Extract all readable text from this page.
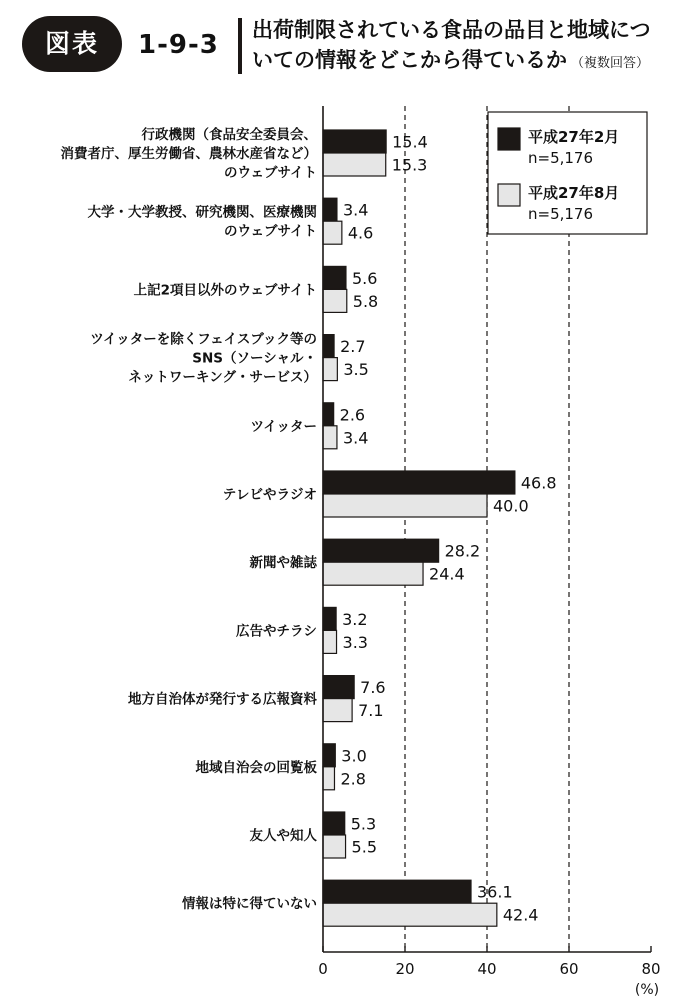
図表	1-9-3 出荷制限されている食品の品目と地域につ
いての情報をどこから得ているか （複数回答）
15.4
15.3
3.4
4.6
5.6
5.8
2.7
3.5
2.6
3.4
46.8
40.0
28.2
24.4
3.2
3.3
7.6
7.1
3.0
2.8
5.3
5.5
36.1
42.4
行政機関（食品安全委員会、
消費者庁、厚生労働省、農林水産省など）
のウェブサイト
大学・大学教授、研究機関、医療機関
のウェブサイト
上記2項目以外のウェブサイト
ツイッターを除くフェイスブック等の
SNS（ソーシャル・
ネットワーキング・サービス）
ツイッター
テレビやラジオ
新聞や雑誌
広告やチラシ
地方自治体が発行する広報資料
地域自治会の回覧板
友人や知人
情報は特に得ていない
0	20	40	60	80
(%)
平成27年2月
n=5,176
平成27年8月
n=5,176
